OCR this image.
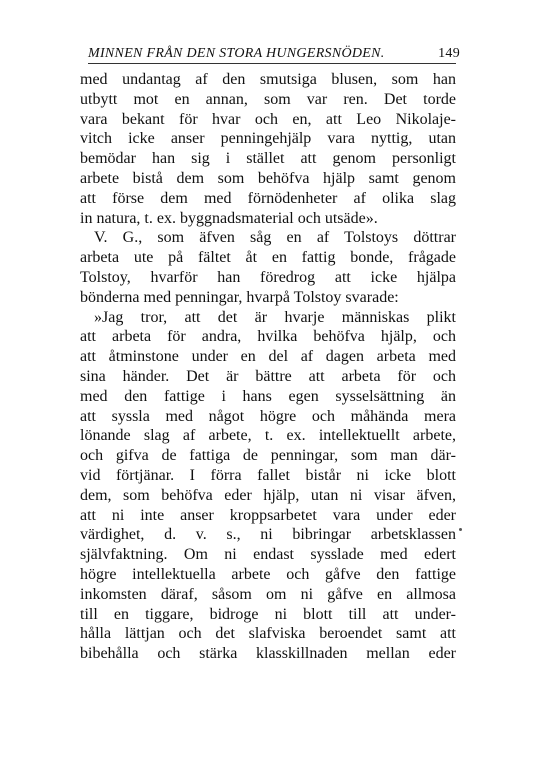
MINNEN FRÅN DEN STORA HUNGERSNÖDEN.	149
med undantag af den smutsiga blusen, som han
utbytt mot en annan, som var ren. Det torde
vara bekant för hvar och en, att Leo Nikolaje-
vitch icke anser penningehjälp vara nyttig, utan
bemödar han sig i stället att genom personligt
arbete bistå dem som behöfva hjälp samt genom
att förse dem med förnödenheter af olika slag
in natura, t. ex. byggnadsmaterial och utsäde».
V. G., som äfven såg en af Tolstoys döttrar
arbeta ute på fältet åt en fattig bonde, frågade
Tolstoy, hvarför han föredrog att icke hjälpa
bönderna med penningar, hvarpå Tolstoy svarade:
»Jag tror, att det är hvarje människas plikt
att arbeta för andra, hvilka behöfva hjälp, och
att åtminstone under en del af dagen arbeta med
sina händer. Det är bättre att arbeta för och
med den fattige i hans egen sysselsättning än
att syssla med något högre och måhända mera
lönande slag af arbete, t. ex. intellektuellt arbete,
och gifva de fattiga de penningar, som man där-
vid förtjänar. I förra fallet bistår ni icke blott
dem, som behöfva eder hjälp, utan ni visar äfven,
att ni inte anser kroppsarbetet vara under eder
värdighet, d. v. s., ni bibringar arbetsklassen
självfaktning. Om ni endast sysslade med edert
högre intellektuella arbete och gåfve den fattige
inkomsten däraf, såsom om ni gåfve en allmosa
till en tiggare, bidroge ni blott till att under-
hålla lättjan och det slafviska beroendet samt att
bibehålla och stärka klasskillnaden mellan eder
